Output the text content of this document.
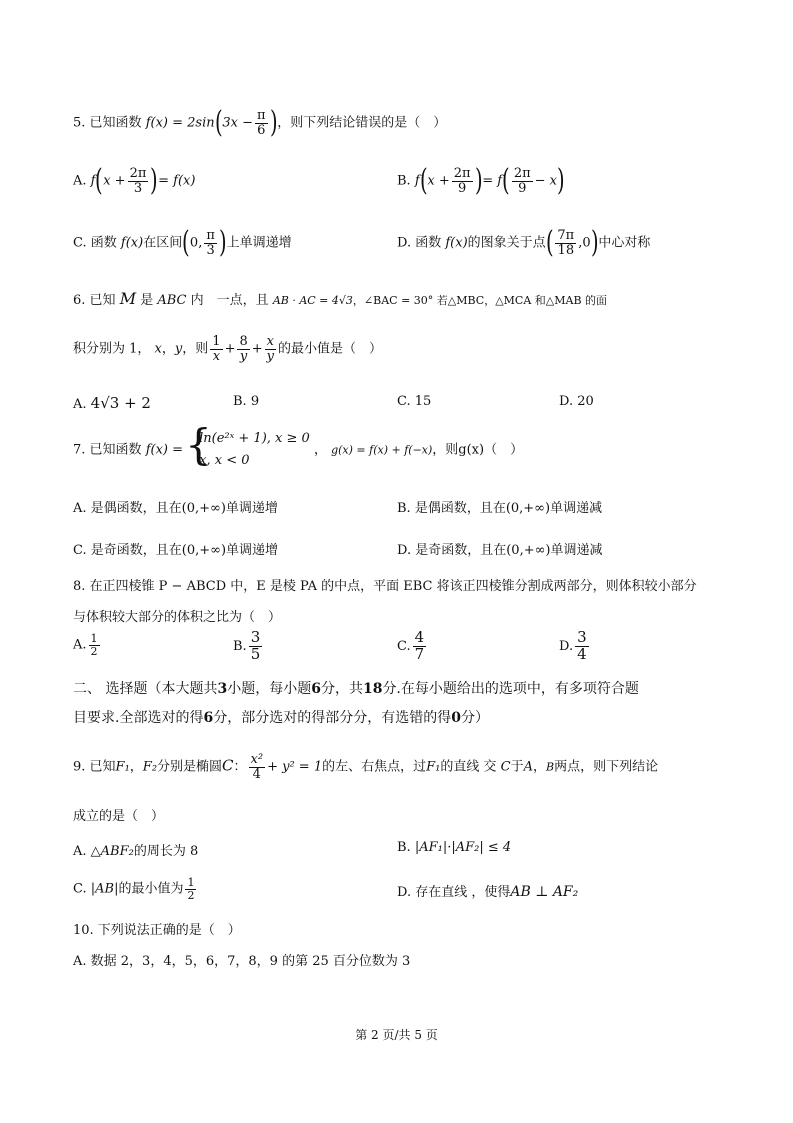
5. 已知函数 $f(x) = 2\sin(3x - \frac{\pi}{6}$ )，则下列结论错误的是（　）
A. $f(x + \frac{2\pi}{3}$ )= f(x)	B. $f(x + \frac{2\pi}{9}$ )= $f( \frac{2\pi}{9} - x)$
C. 函数 f(x)在区间(0, $\frac{\pi}{3}$ )上单调递增	D. 函数 f(x)的图象关于点( $\frac{7\pi}{18} ,0$)中心对称
6. 已知 M 是 ABC 内　一点，且 AB · AC = 4√3，∠BAC = 30° 若△MBC，△MCA 和△MAB 的面
积分别为 1， x，y，则 $\frac{1}{x} + \frac{8}{y} + \frac{x}{y}$ 的最小值是（　）
A. 4√3 + 2	B. 9	C. 15	D. 20
7. 已知函数 f(x) =
{ ln(e²ˣ + 1), x ≥ 0
x, x < 0
， g(x) = f(x) + f(−x)，则g(x)（　）
A. 是偶函数，且在(0,+∞)单调递增	B. 是偶函数，且在(0,+∞)单调递减
C. 是奇函数，且在(0,+∞)单调递增	D. 是奇函数，且在(0,+∞)单调递减
8. 在正四棱锥 P − ABCD 中，E 是棱 PA 的中点，平面 EBC 将该正四棱锥分割成两部分，则体积较小部分
与体积较大部分的体积之比为（　）
A. $\frac{1}{2}$	B. $\frac{3}{5}$	C. $\frac{4}{7}$	D. $\frac{3}{4}$
二、 选择题（本大题共3小题，每小题6分，共18分.在每小题给出的选项中，有多项符合题
目要求.全部选对的得6分，部分选对的得部分分，有选错的得0分）
9. 已知F₁，F₂分别是椭圆C： $\frac{\text{x²}}{4} + y^2 = 1$的左、右焦点，过F₁的直线 交 C于A，B两点，则下列结论
成立的是（　）
A. △ABF₂的周长为 8	B. |AF₁|·|AF₂| ≤ 4
C. |AB|的最小值为 $\frac{1}{2}$	D. 存在直线 ，使得AB ⊥ AF₂
10. 下列说法正确的是（　）
A. 数据 2，3，4，5，6，7，8，9 的第 25 百分位数为 3
第 2 页/共 5 页
